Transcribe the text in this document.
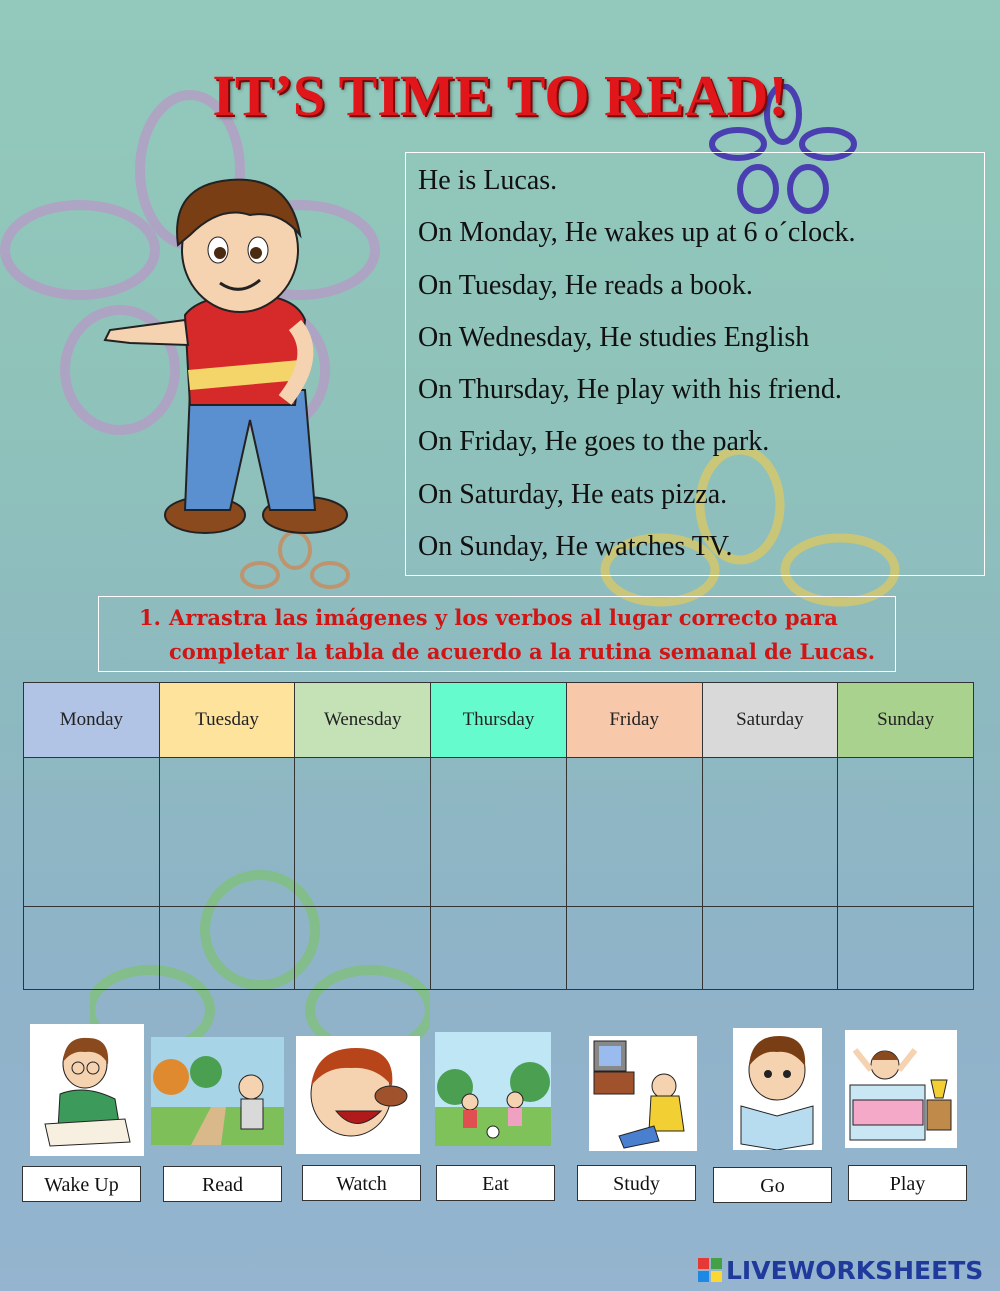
IT’S TIME TO READ!
He is Lucas.
On Monday, He wakes up at 6 o´clock.
On Tuesday, He reads a book.
On Wednesday, He studies English
On Thursday, He play with his friend.
On Friday, He goes to the park.
On Saturday, He eats pizza.
On Sunday, He watches TV.
1. Arrastra las imágenes y los verbos al lugar correcto para
completar la tabla de acuerdo a la rutina semanal de Lucas.
Monday	Tuesday	Wenesday	Thursday	Friday	Saturday	Sunday

Wake Up	Read	Watch	Eat	Study	Go	Play
LIVEWORKSHEETS
